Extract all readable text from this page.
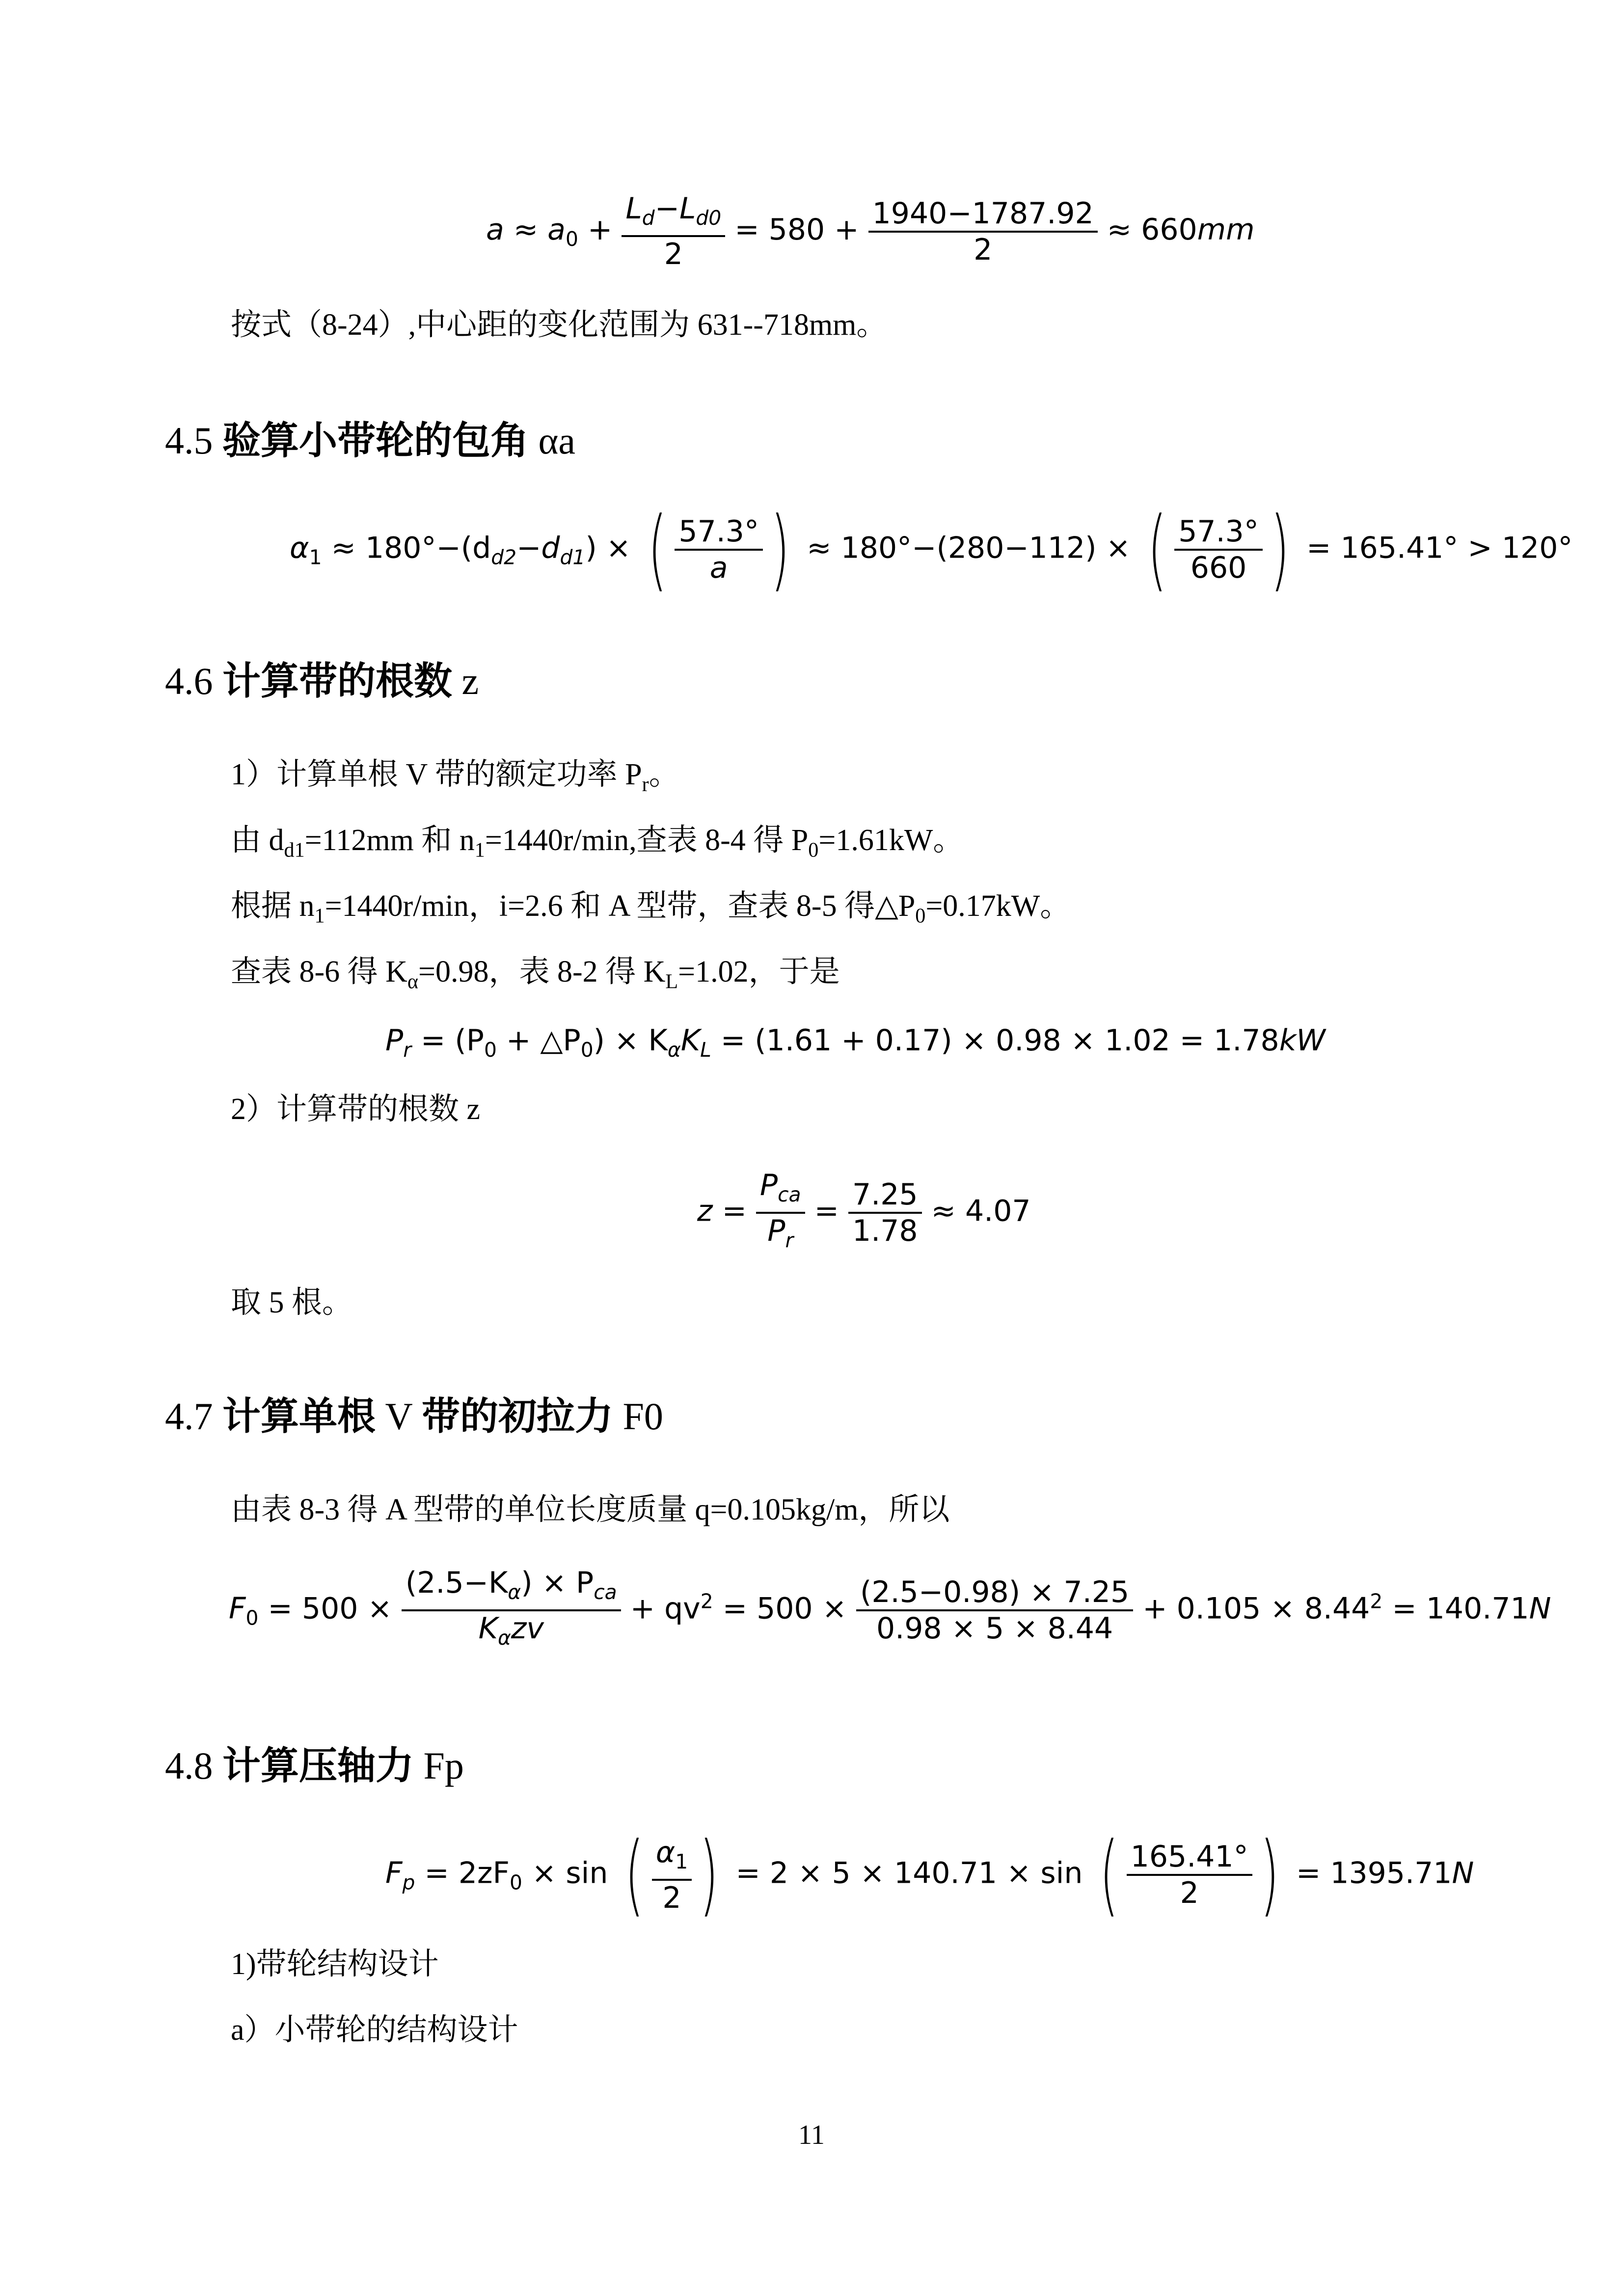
$a \approx a_0 + \frac{L_d-L_{d0}}{2} = 580 + \frac{1940-1787.92}{2} \approx 660mm$
按式（8-24）,中心距的变化范围为 631--718mm。
4.5 验算小带轮的包角 αa
$\alpha_1 \approx 180^\circ-(d_{d2}-d_{d1})$ × ( $\frac{57.3^\circ}{a}$ ) ≈ 180°−(280−112) × ( $\frac{57.3^\circ}{660}$ ) = 165.41° > 120°
4.6 计算带的根数 z
1）计算单根 V 带的额定功率 $P_r$。
由 $d_{d1}=112mm$ 和 $n_1=1440r/\min$,查表 8-4 得 $P_0=1.61kW$。
根据 $n_1=1440r/\min$，i=2.6 和 A 型带，查表 8-5 得$\triangle P_0=0.17kW$。
查表 8-6 得 $K_\alpha=0.98$，表 8-2 得 $K_L=1.02$，于是
$P_r = (P_0$ + $\triangle P_0) \times K_\alpha K_L = (1.61 + 0.17) \times 0.98 \times 1.02 = 1.78kW$
2）计算带的根数 z
$z = \frac{P_{ca}}{P_r} = \frac{7.25}{1.78} \approx 4.07$
取 5 根。
4.7 计算单根 V 带的初拉力 F0
由表 8-3 得 A 型带的单位长度质量 q=0.105kg/m，所以
$F_0 = 500 \times \frac{(2.5-K_\alpha) \times P_{ca}}{K_\alpha zv} + qv^2 = 500 \times \frac{(2.5-0.98) \times 7.25}{0.98 \times 5 \times 8.44} + 0.105 \times 8.44^2 = 140.71N$
4.8 计算压轴力 Fp
$F_p = 2zF_0 \times \sin$ ( $\frac{\alpha_1}{2}$ ) = 2 × 5 × 140.71 × sin ( $\frac{165.41^\circ}{2}$ ) = 1395.71N
1)带轮结构设计
a）小带轮的结构设计
11
